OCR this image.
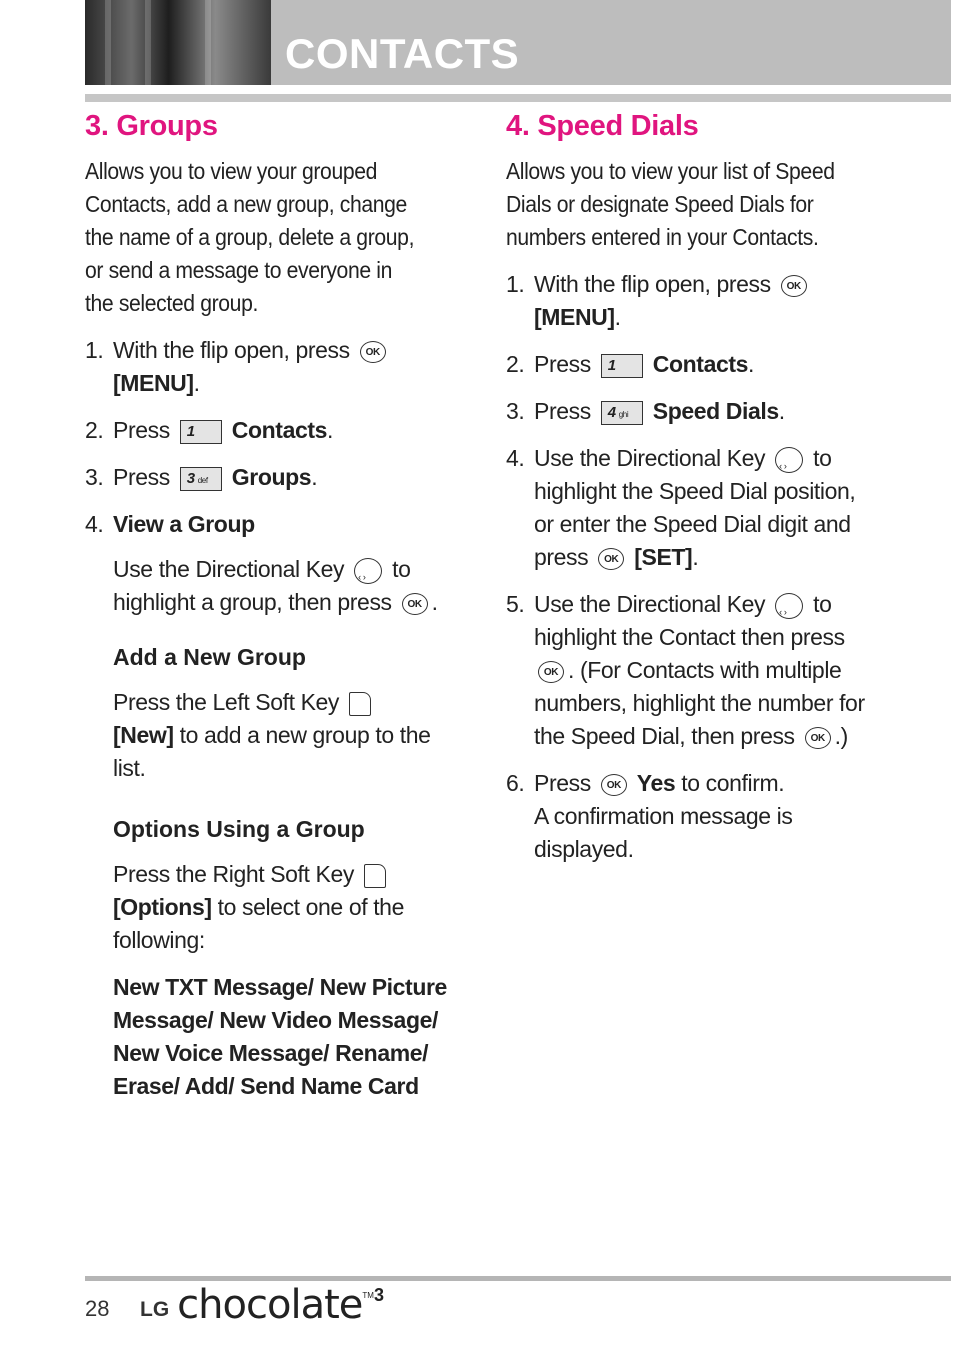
CONTACTS
3. Groups

Allows you to view your grouped Contacts, add a new group, change the name of a group, delete a group, or send a message to everyone in the selected group.

1. With the flip open, press OK
[MENU].
2. Press 1 Contacts.
3. Press 3 def Groups.
4. View a Group
Use the Directional Key ‹ › to highlight a group, then press OK .
Add a New Group
Press the Left Soft Key
[New] to add a new group to the list.
Options Using a Group
Press the Right Soft Key
[Options] to select one of the following:
New TXT Message/ New Picture Message/ New Video Message/ New Voice Message/ Rename/ Erase/ Add/ Send Name Card
4. Speed Dials

Allows you to view your list of Speed Dials or designate Speed Dials for numbers entered in your Contacts.

1. With the flip open, press OK
[MENU].
2. Press 1 Contacts.
3. Press 4 ghi Speed Dials.
4. Use the Directional Key ‹ › to highlight the Speed Dial position, or enter the Speed Dial digit and press OK [SET].
5. Use the Directional Key ‹ › to highlight the Contact then press OK . (For Contacts with multiple numbers, highlight the number for the Speed Dial, then press OK .)
6. Press OK Yes to confirm.
A confirmation message is displayed.
28 LG chocolate TM 3
